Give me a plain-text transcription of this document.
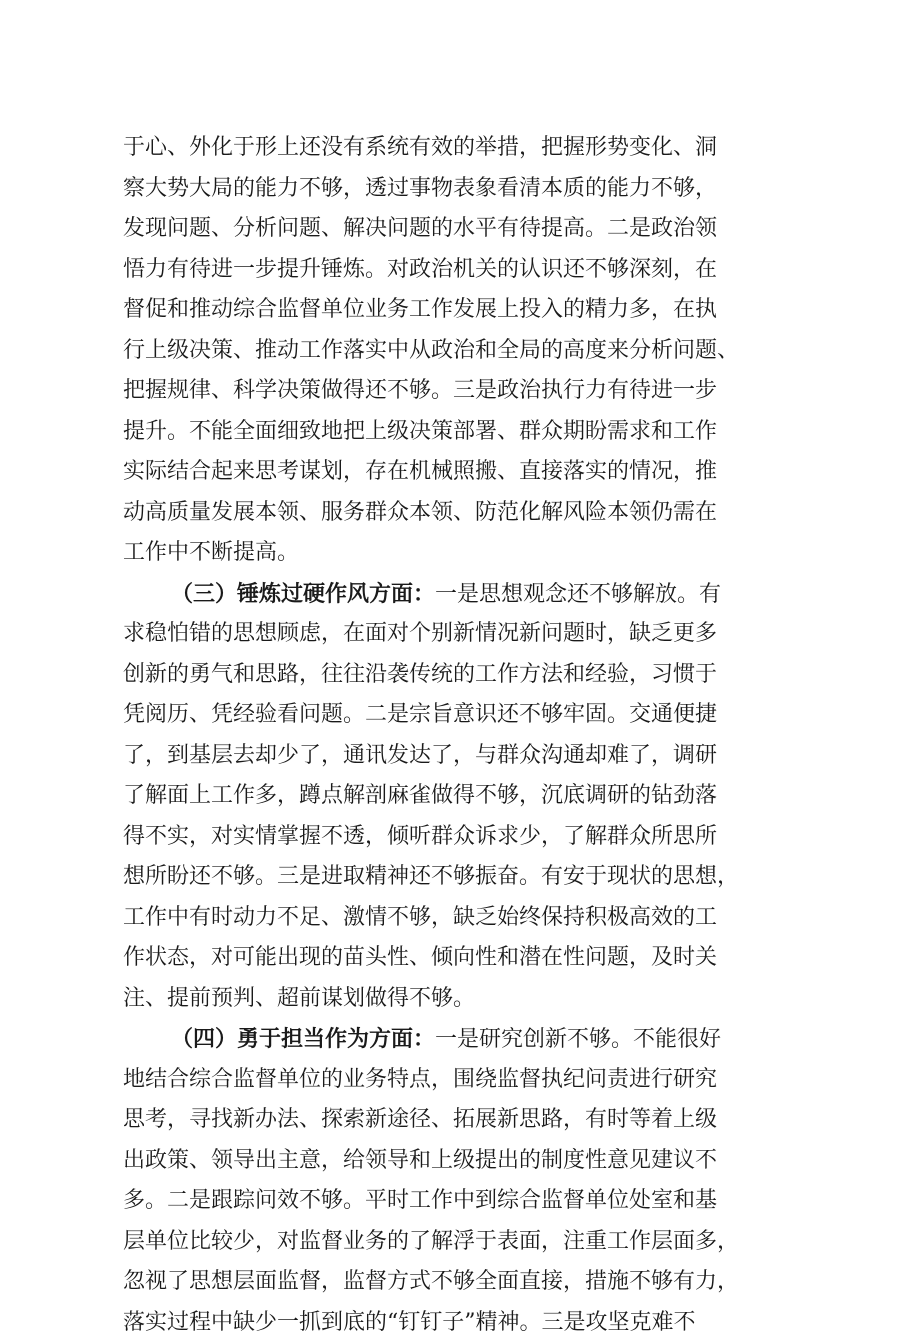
于心、外化于形上还没有系统有效的举措，把握形势变化、洞
察大势大局的能力不够，透过事物表象看清本质的能力不够，
发现问题、分析问题、解决问题的水平有待提高。二是政治领
悟力有待进一步提升锤炼。对政治机关的认识还不够深刻，在
督促和推动综合监督单位业务工作发展上投入的精力多，在执
行上级决策、推动工作落实中从政治和全局的高度来分析问题、
把握规律、科学决策做得还不够。三是政治执行力有待进一步
提升。不能全面细致地把上级决策部署、群众期盼需求和工作
实际结合起来思考谋划，存在机械照搬、直接落实的情况，推
动高质量发展本领、服务群众本领、防范化解风险本领仍需在
工作中不断提高。
（三）锤炼过硬作风方面：一是思想观念还不够解放。有
求稳怕错的思想顾虑，在面对个别新情况新问题时，缺乏更多
创新的勇气和思路，往往沿袭传统的工作方法和经验，习惯于
凭阅历、凭经验看问题。二是宗旨意识还不够牢固。交通便捷
了，到基层去却少了，通讯发达了，与群众沟通却难了，调研
了解面上工作多，蹲点解剖麻雀做得不够，沉底调研的钻劲落
得不实，对实情掌握不透，倾听群众诉求少，了解群众所思所
想所盼还不够。三是进取精神还不够振奋。有安于现状的思想，
工作中有时动力不足、激情不够，缺乏始终保持积极高效的工
作状态，对可能出现的苗头性、倾向性和潜在性问题，及时关
注、提前预判、超前谋划做得不够。
（四）勇于担当作为方面：一是研究创新不够。不能很好
地结合综合监督单位的业务特点，围绕监督执纪问责进行研究
思考，寻找新办法、探索新途径、拓展新思路，有时等着上级
出政策、领导出主意，给领导和上级提出的制度性意见建议不
多。二是跟踪问效不够。平时工作中到综合监督单位处室和基
层单位比较少，对监督业务的了解浮于表面，注重工作层面多，
忽视了思想层面监督，监督方式不够全面直接，措施不够有力，
落实过程中缺少一抓到底的“钉钉子”精神。三是攻坚克难不
